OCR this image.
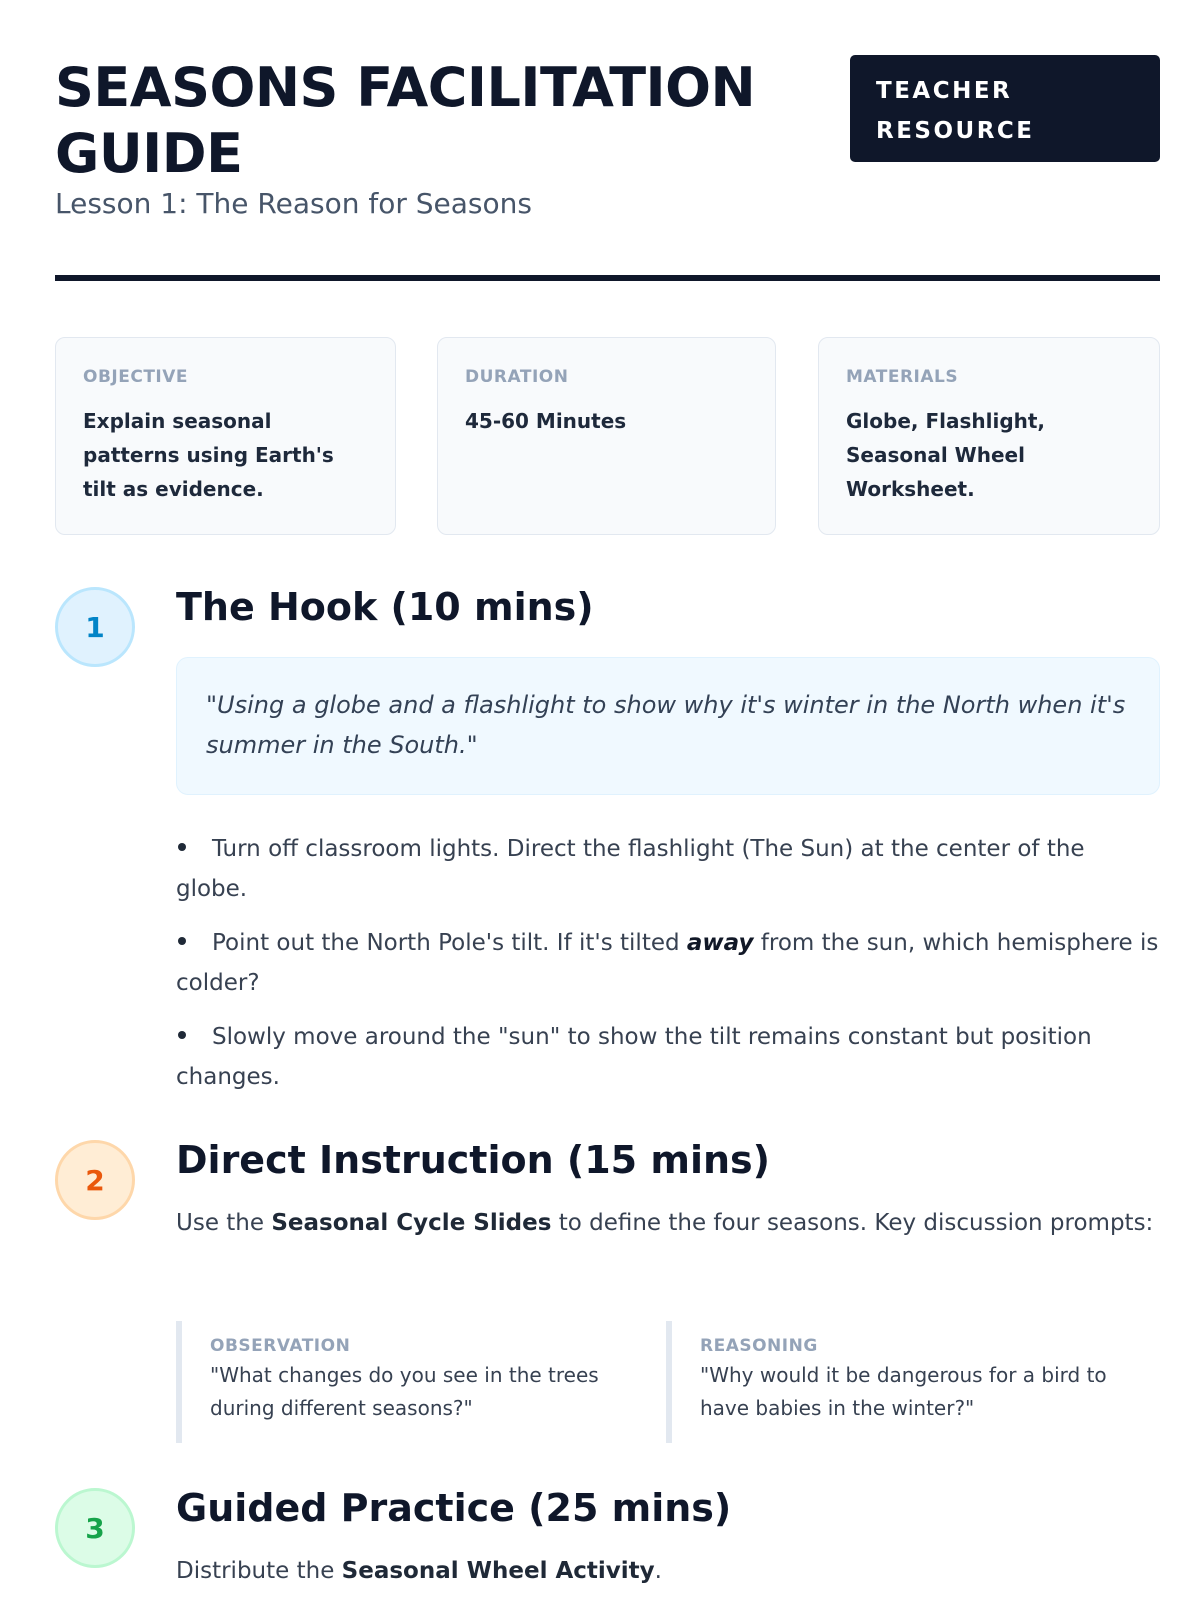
SEASONS FACILITATION GUIDE
TEACHER RESOURCE

Lesson 1: The Reason for Seasons

OBJECTIVE
Explain seasonal patterns using Earth's tilt as evidence.
DURATION
45-60 Minutes
MATERIALS
Globe, Flashlight, Seasonal Wheel Worksheet.
1	The Hook (10 mins)
"Using a globe and a flashlight to show why it's winter in the North when it's summer in the South."
Turn off classroom lights. Direct the flashlight (The Sun) at the center of the globe.
Point out the North Pole's tilt. If it's tilted away from the sun, which hemisphere is colder?
Slowly move around the "sun" to show the tilt remains constant but position changes.
2	Direct Instruction (15 mins)

Use the Seasonal Cycle Slides to define the four seasons. Key discussion prompts:

OBSERVATION
"What changes do you see in the trees during different seasons?"
REASONING
"Why would it be dangerous for a bird to have babies in the winter?"
3	Guided Practice (25 mins)

Distribute the Seasonal Wheel Activity.
